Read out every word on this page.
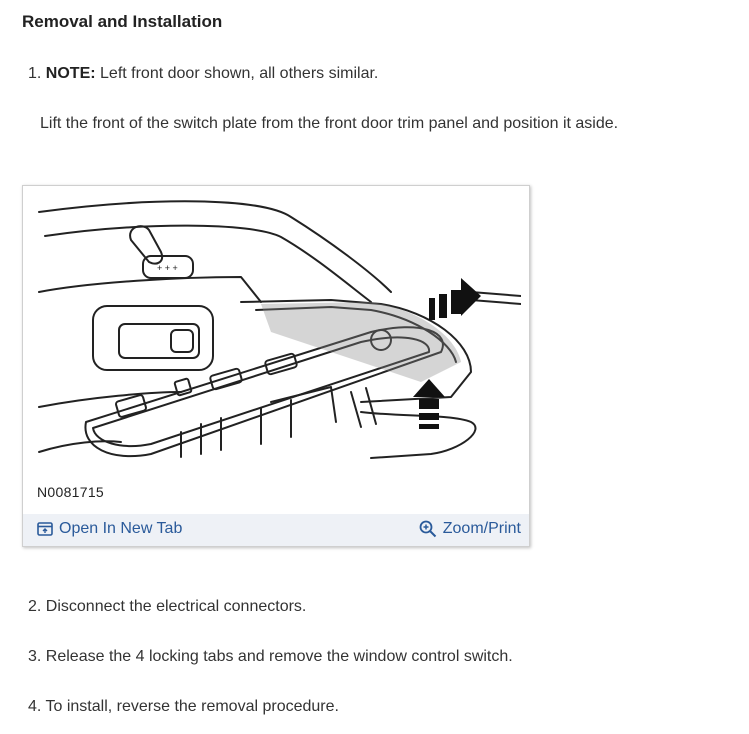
Removal and Installation
1. NOTE: Left front door shown, all others similar.
Lift the front of the switch plate from the front door trim panel and position it aside.
+ + +
N0081715
Open In New Tab	Zoom/Print
2. Disconnect the electrical connectors.
3. Release the 4 locking tabs and remove the window control switch.
4. To install, reverse the removal procedure.
